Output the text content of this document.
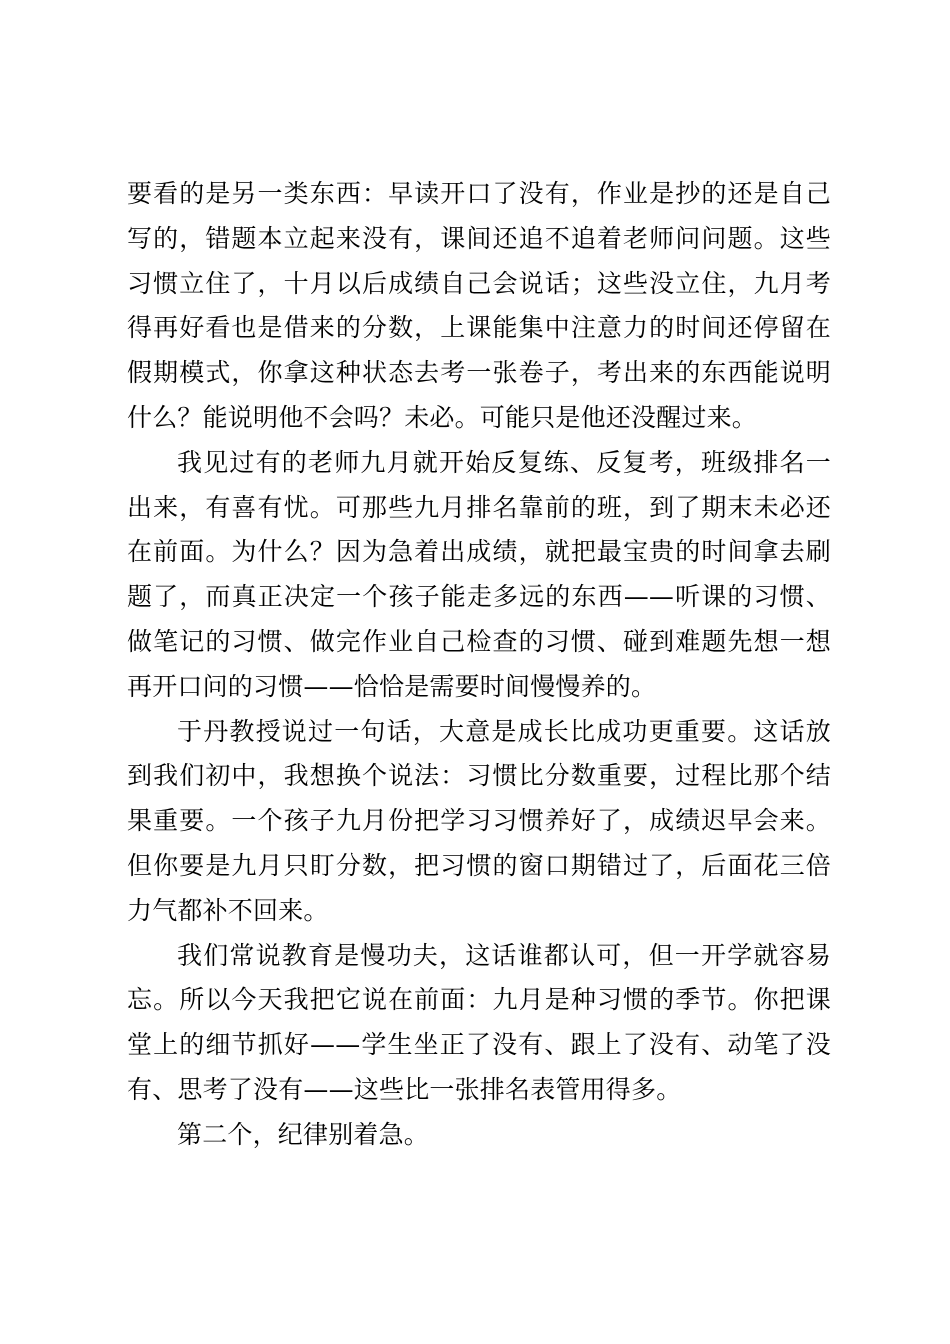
要看的是另一类东西：早读开口了没有，作业是抄的还是自己写的，错题本立起来没有，课间还追不追着老师问问题。这些习惯立住了，十月以后成绩自己会说话；这些没立住，九月考得再好看也是借来的分数，上课能集中注意力的时间还停留在假期模式，你拿这种状态去考一张卷子，考出来的东西能说明什么？能说明他不会吗？未必。可能只是他还没醒过来。

我见过有的老师九月就开始反复练、反复考，班级排名一出来，有喜有忧。可那些九月排名靠前的班，到了期末未必还在前面。为什么？因为急着出成绩，就把最宝贵的时间拿去刷题了，而真正决定一个孩子能走多远的东西——听课的习惯、做笔记的习惯、做完作业自己检查的习惯、碰到难题先想一想再开口问的习惯——恰恰是需要时间慢慢养的。

于丹教授说过一句话，大意是成长比成功更重要。这话放到我们初中，我想换个说法：习惯比分数重要，过程比那个结果重要。一个孩子九月份把学习习惯养好了，成绩迟早会来。但你要是九月只盯分数，把习惯的窗口期错过了，后面花三倍力气都补不回来。

我们常说教育是慢功夫，这话谁都认可，但一开学就容易忘。所以今天我把它说在前面：九月是种习惯的季节。你把课堂上的细节抓好——学生坐正了没有、跟上了没有、动笔了没有、思考了没有——这些比一张排名表管用得多。

第二个，纪律别着急。
